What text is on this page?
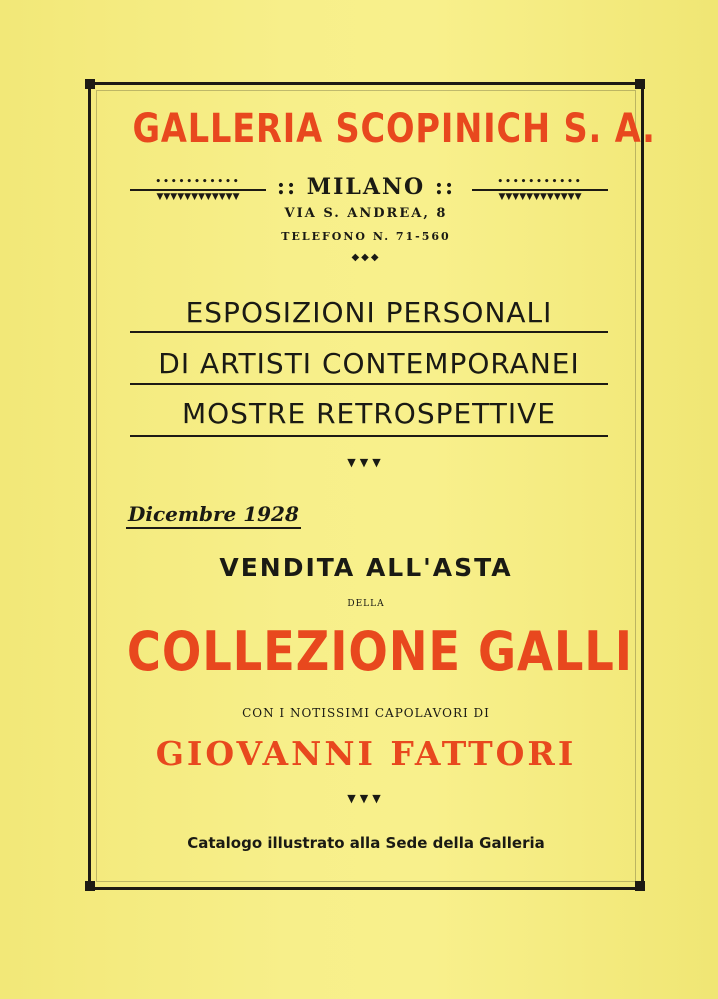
GALLERIA SCOPINICH S. A.
•••••••••••
▼▼▼▼▼▼▼▼▼▼▼▼
•••••••••••
▼▼▼▼▼▼▼▼▼▼▼▼
:: MILANO ::
VIA S. ANDREA, 8
TELEFONO N. 71-560
◆◆◆
ESPOSIZIONI PERSONALI
DI ARTISTI CONTEMPORANEI
MOSTRE RETROSPETTIVE
▼▼▼
Dicembre 1928
VENDITA ALL'ASTA
DELLA
COLLEZIONE GALLI
CON I NOTISSIMI CAPOLAVORI DI
GIOVANNI FATTORI
▼▼▼
Catalogo illustrato alla Sede della Galleria
